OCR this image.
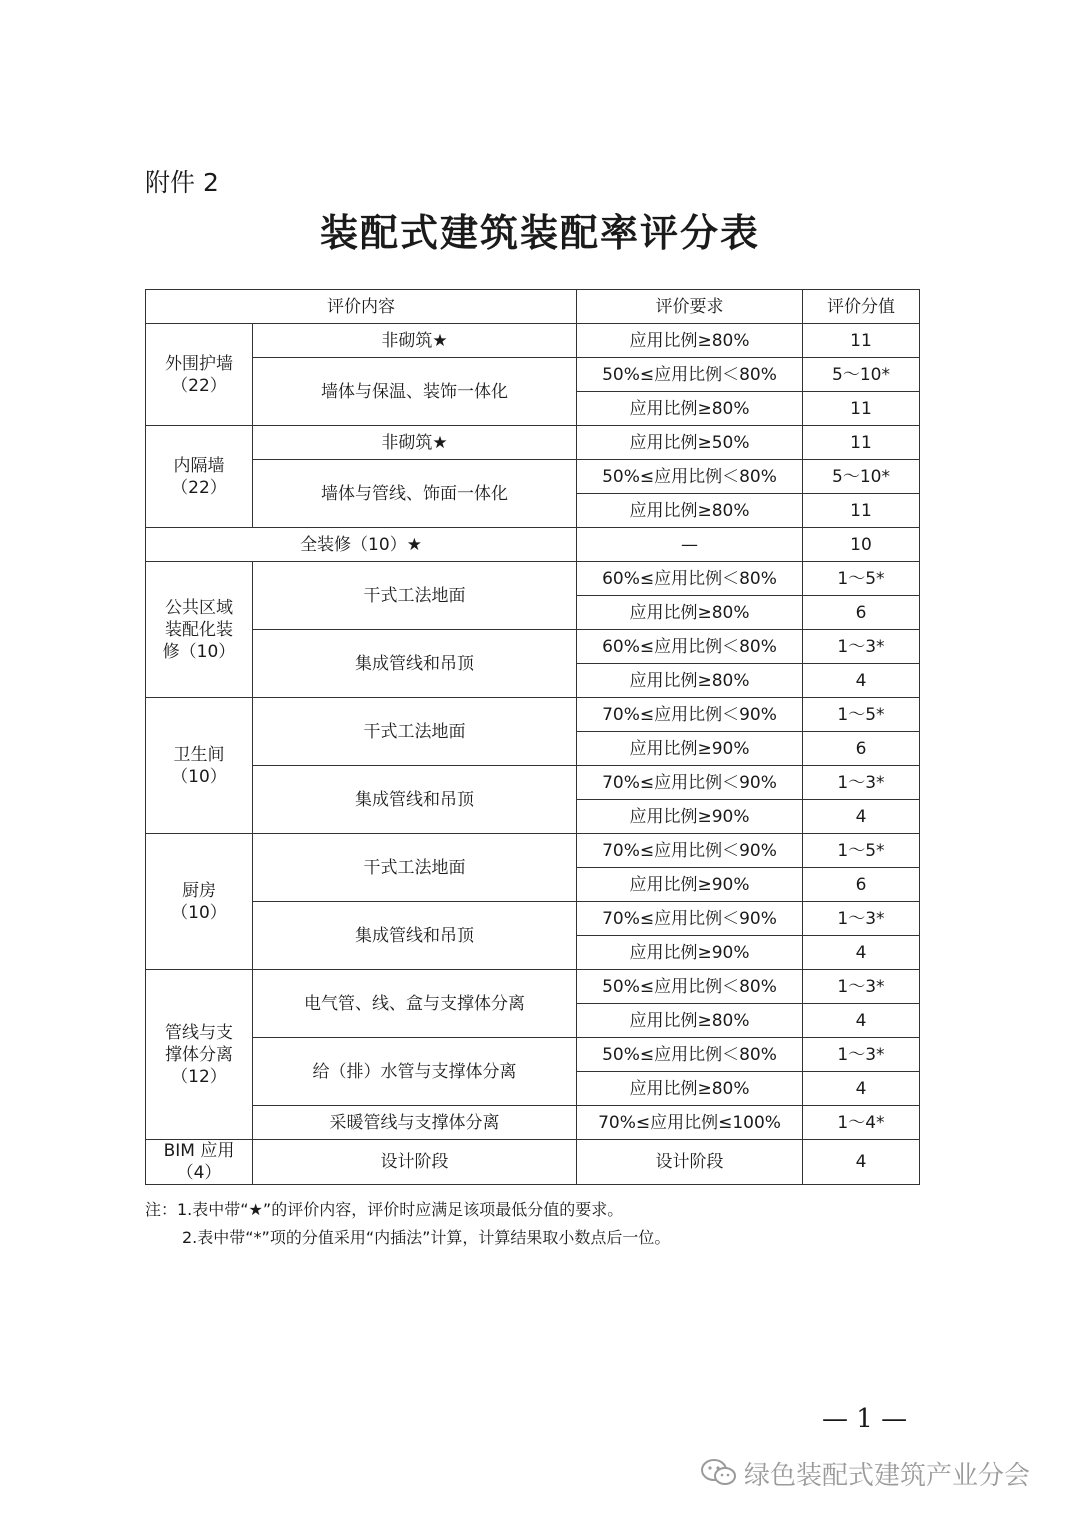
附件 2
装配式建筑装配率评分表
评价内容		评价要求	评价分值
外围护墙（22）	非砌筑★	应用比例≥80%	11
	墙体与保温、装饰一体化	50%≤应用比例＜80%	5～10*
		应用比例≥80%	11
内隔墙（22）	非砌筑★	应用比例≥50%	11
	墙体与管线、饰面一体化	50%≤应用比例＜80%	5～10*
		应用比例≥80%	11
全装修（10）★		—	10
公共区域装配化装修（10）	干式工法地面	60%≤应用比例＜80%	1～5*
		应用比例≥80%	6
	集成管线和吊顶	60%≤应用比例＜80%	1～3*
		应用比例≥80%	4
卫生间（10）	干式工法地面	70%≤应用比例＜90%	1～5*
		应用比例≥90%	6
	集成管线和吊顶	70%≤应用比例＜90%	1～3*
		应用比例≥90%	4
厨房（10）	干式工法地面	70%≤应用比例＜90%	1～5*
		应用比例≥90%	6
	集成管线和吊顶	70%≤应用比例＜90%	1～3*
		应用比例≥90%	4
管线与支撑体分离（12）	电气管、线、盒与支撑体分离	50%≤应用比例＜80%	1～3*
		应用比例≥80%	4
	给（排）水管与支撑体分离	50%≤应用比例＜80%	1～3*
		应用比例≥80%	4
	采暖管线与支撑体分离	70%≤应用比例≤100%	1～4*
BIM 应用（4）	设计阶段	设计阶段	4
注：1.表中带“★”的评价内容，评价时应满足该项最低分值的要求。
2.表中带“*”项的分值采用“内插法”计算，计算结果取小数点后一位。
— 1 —
绿色装配式建筑产业分会
